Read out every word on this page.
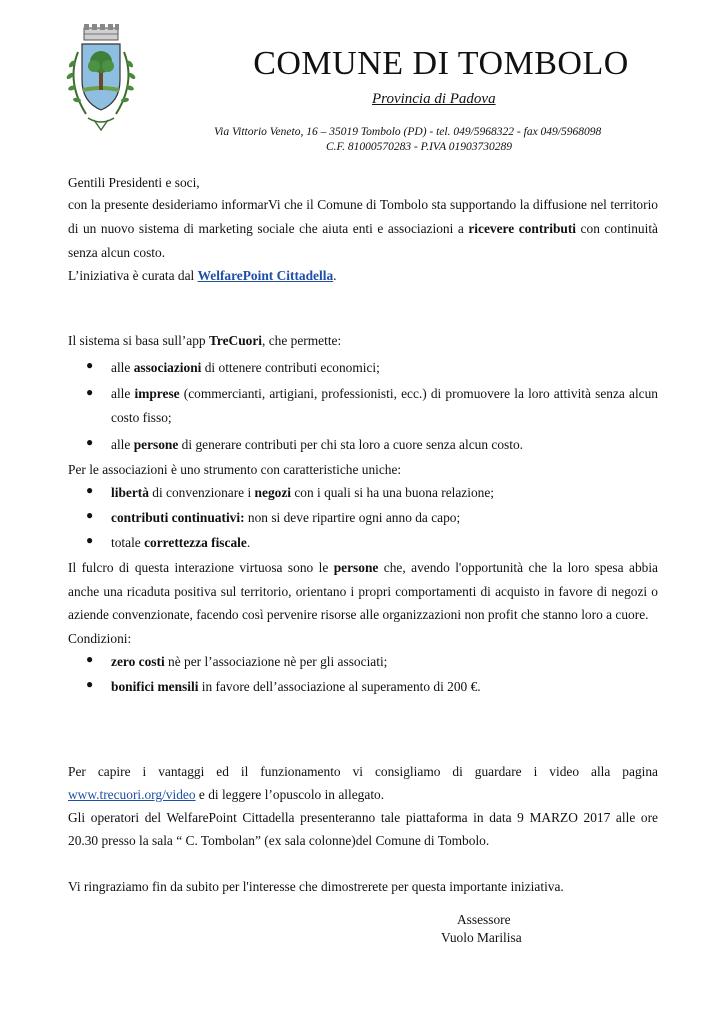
COMUNE DI TOMBOLO
Provincia di Padova
Via Vittorio Veneto, 16 – 35019 Tombolo (PD) - tel. 049/5968322 - fax 049/5968098
C.F. 81000570283 - P.IVA 01903730289

Gentili Presidenti e soci,

con la presente desideriamo informarVi che il Comune di Tombolo sta supportando la diffusione nel territorio di un nuovo sistema di marketing sociale che aiuta enti e associazioni a ricevere contributi con continuità senza alcun costo.

L’iniziativa è curata dal WelfarePoint Cittadella.

Il sistema si basa sull’app TreCuori, che permette:

● alle associazioni di ottenere contributi economici;
● alle imprese (commercianti, artigiani, professionisti, ecc.) di promuovere la loro attività senza alcun costo fisso;
● alle persone di generare contributi per chi sta loro a cuore senza alcun costo.

Per le associazioni è uno strumento con caratteristiche uniche:

● libertà di convenzionare i negozi con i quali si ha una buona relazione;
● contributi continuativi: non si deve ripartire ogni anno da capo;
● totale correttezza fiscale.

Il fulcro di questa interazione virtuosa sono le persone che, avendo l'opportunità che la loro spesa abbia anche una ricaduta positiva sul territorio, orientano i propri comportamenti di acquisto in favore di negozi o aziende convenzionate, facendo così pervenire risorse alle organizzazioni non profit che stanno loro a cuore.

Condizioni:

● zero costi nè per l’associazione nè per gli associati;
● bonifici mensili in favore dell’associazione al superamento di 200 €.

Per capire i vantaggi ed il funzionamento vi consigliamo di guardare i video alla pagina www.trecuori.org/video e di leggere l’opuscolo in allegato.

Gli operatori del WelfarePoint Cittadella presenteranno tale piattaforma in data 9 MARZO 2017 alle ore 20.30 presso la sala “ C. Tombolan” (ex sala colonne)del Comune di Tombolo.

Vi ringraziamo fin da subito per l'interesse che dimostrerete per questa importante iniziativa.

Assessore
Vuolo Marilisa
